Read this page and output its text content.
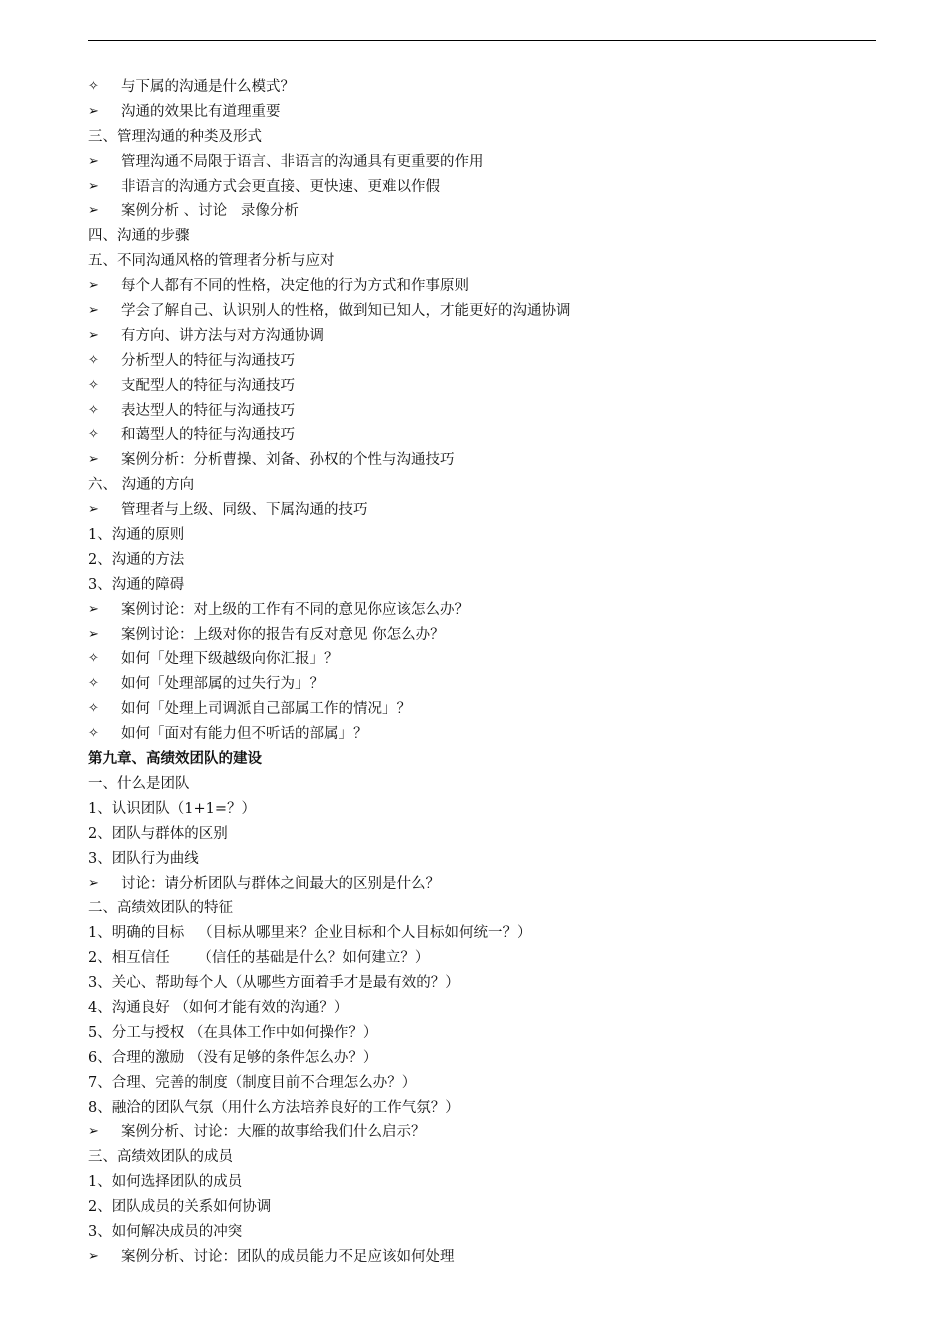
✧	与下属的沟通是什么模式？
➢	沟通的效果比有道理重要
三、管理沟通的种类及形式
➢	管理沟通不局限于语言、非语言的沟通具有更重要的作用
➢	非语言的沟通方式会更直接、更快速、更难以作假
➢	案例分析 、讨论   录像分析
四、沟通的步骤
五、不同沟通风格的管理者分析与应对
➢	每个人都有不同的性格，决定他的行为方式和作事原则
➢	学会了解自己、认识别人的性格，做到知已知人，才能更好的沟通协调
➢	有方向、讲方法与对方沟通协调
✧	分析型人的特征与沟通技巧
✧	支配型人的特征与沟通技巧
✧	表达型人的特征与沟通技巧
✧	和蔼型人的特征与沟通技巧
➢	案例分析：分析曹操、刘备、孙权的个性与沟通技巧
六、 沟通的方向
➢	管理者与上级、同级、下属沟通的技巧
1、沟通的原则
2、沟通的方法
3、沟通的障碍
➢	案例讨论：对上级的工作有不同的意见你应该怎么办？
➢	案例讨论：上级对你的报告有反对意见 你怎么办？
✧	如何「处理下级越级向你汇报」？
✧	如何「处理部属的过失行为」？
✧	如何「处理上司调派自己部属工作的情况」？
✧	如何「面对有能力但不听话的部属」？
第九章、高绩效团队的建设
一、什么是团队
1、认识团队（1+1=？）
2、团队与群体的区别
3、团队行为曲线
➢	讨论：请分析团队与群体之间最大的区别是什么？
二、高绩效团队的特征
1、明确的目标   （目标从哪里来？企业目标和个人目标如何统一？）
2、相互信任      （信任的基础是什么？如何建立？）
3、关心、帮助每个人（从哪些方面着手才是最有效的？）
4、沟通良好 （如何才能有效的沟通？）
5、分工与授权 （在具体工作中如何操作？）
6、合理的激励 （没有足够的条件怎么办？）
7、合理、完善的制度（制度目前不合理怎么办？）
8、融洽的团队气氛（用什么方法培养良好的工作气氛？）
➢	案例分析、讨论：大雁的故事给我们什么启示？
三、高绩效团队的成员
1、如何选择团队的成员
2、团队成员的关系如何协调
3、如何解决成员的冲突
➢	案例分析、讨论：团队的成员能力不足应该如何处理
